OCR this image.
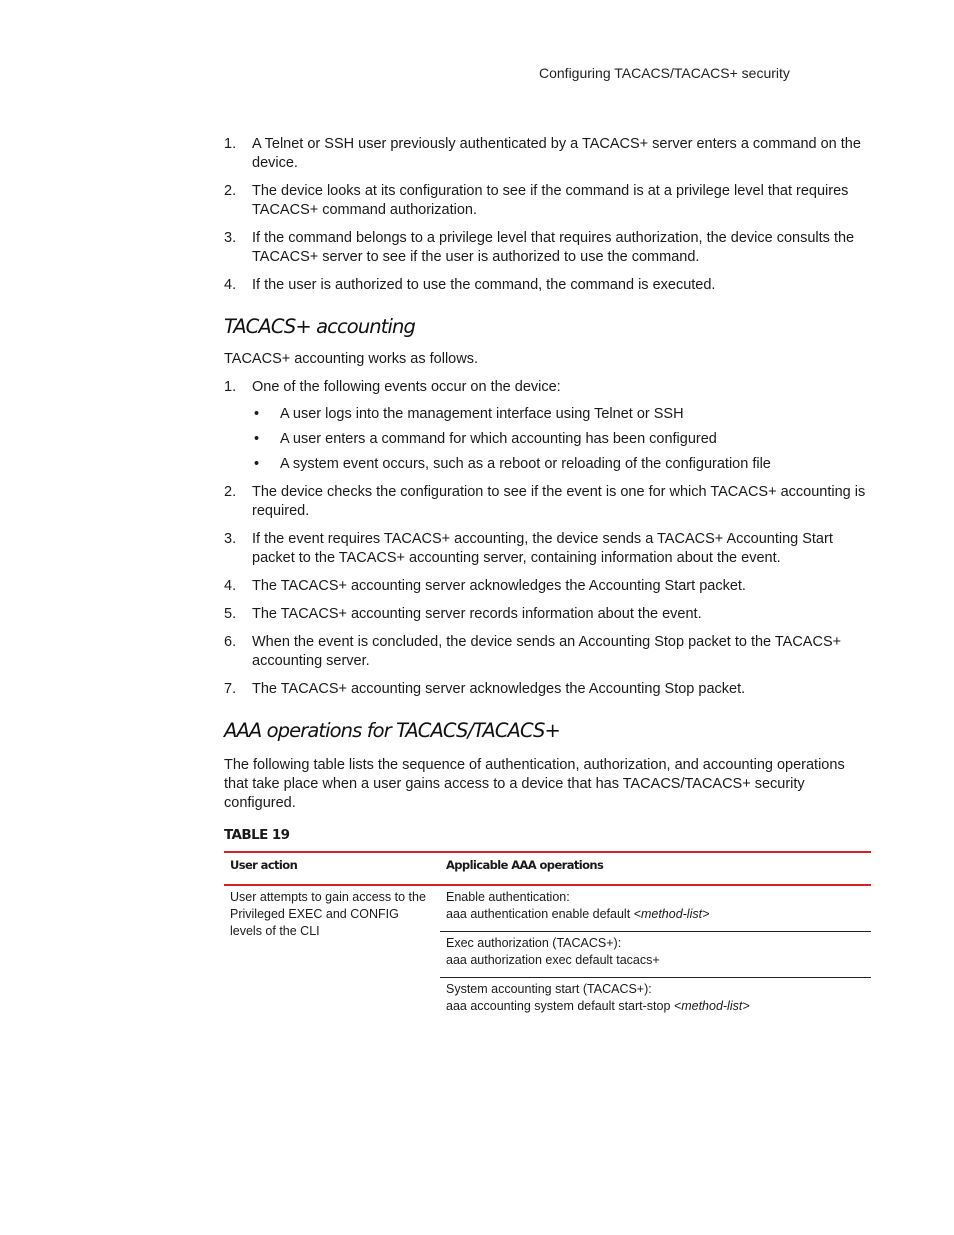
Configuring TACACS/TACACS+ security
1. A Telnet or SSH user previously authenticated by a TACACS+ server enters a command on the device.
2. The device looks at its configuration to see if the command is at a privilege level that requires TACACS+ command authorization.
3. If the command belongs to a privilege level that requires authorization, the device consults the TACACS+ server to see if the user is authorized to use the command.
4. If the user is authorized to use the command, the command is executed.
TACACS+ accounting

TACACS+ accounting works as follows.

1. One of the following events occur on the device:
• A user logs into the management interface using Telnet or SSH
• A user enters a command for which accounting has been configured
• A system event occurs, such as a reboot or reloading of the configuration file
2. The device checks the configuration to see if the event is one for which TACACS+ accounting is required.
3. If the event requires TACACS+ accounting, the device sends a TACACS+ Accounting Start packet to the TACACS+ accounting server, containing information about the event.
4. The TACACS+ accounting server acknowledges the Accounting Start packet.
5. The TACACS+ accounting server records information about the event.
6. When the event is concluded, the device sends an Accounting Stop packet to the TACACS+ accounting server.
7. The TACACS+ accounting server acknowledges the Accounting Stop packet.
AAA operations for TACACS/TACACS+

The following table lists the sequence of authentication, authorization, and accounting operations that take place when a user gains access to a device that has TACACS/TACACS+ security configured.

TABLE 19
User action	Applicable AAA operations
User attempts to gain access to the Privileged EXEC and CONFIG levels of the CLI	Enable authentication:
aaa authentication enable default <method-list>

	Exec authorization (TACACS+):
aaa authorization exec default tacacs+

	System accounting start (TACACS+):
aaa accounting system default start-stop <method-list>
